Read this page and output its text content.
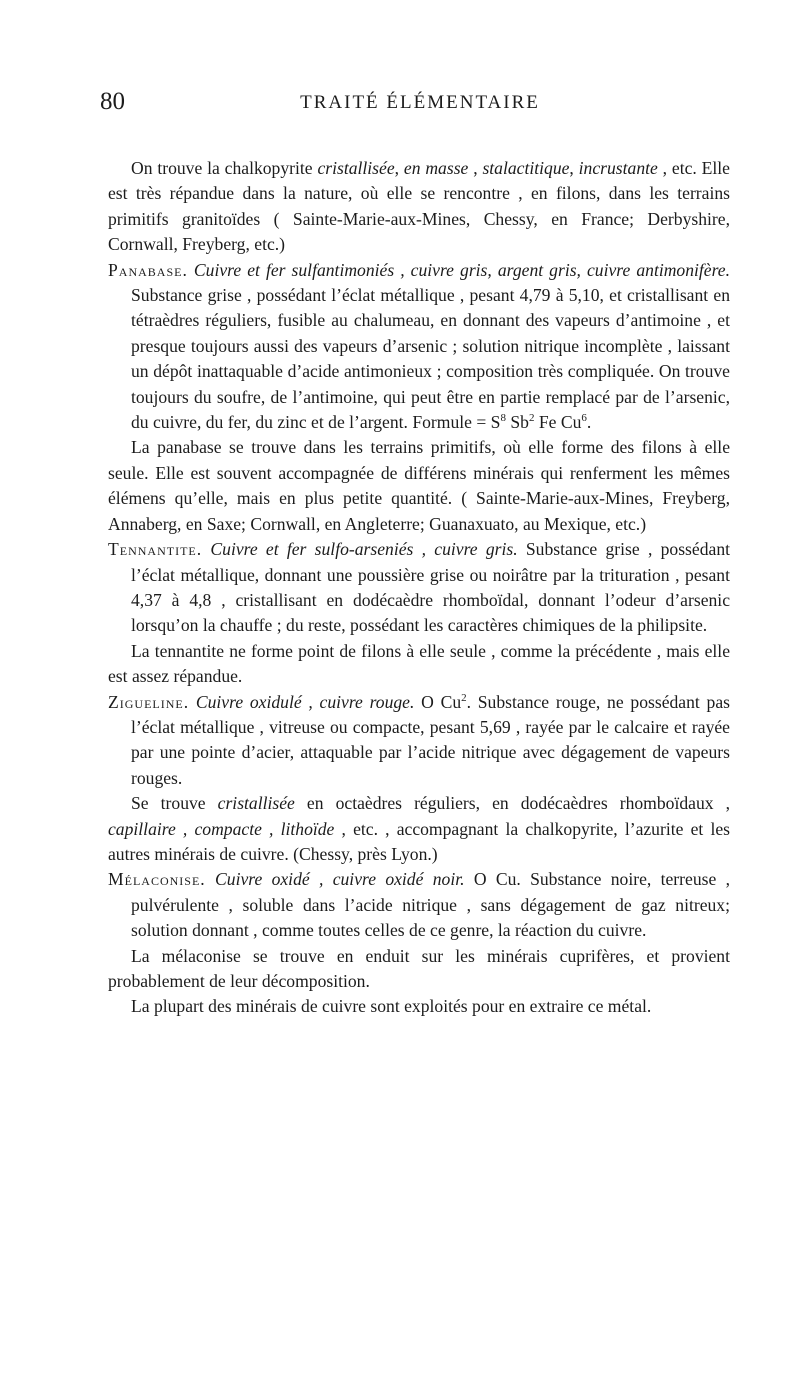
80	TRAITÉ ÉLÉMENTAIRE

On trouve la chalkopyrite cristallisée, en masse , stalactitique, incrustante , etc. Elle est très répandue dans la nature, où elle se rencontre , en filons, dans les terrains primitifs granitoïdes ( Sainte-Marie-aux-Mines, Chessy, en France; Derbyshire, Cornwall, Freyberg, etc.)

Panabase. Cuivre et fer sulfantimoniés , cuivre gris, argent gris, cuivre antimonifère. Substance grise , possédant l’éclat métallique , pesant 4,79 à 5,10, et cristallisant en tétraèdres réguliers, fusible au chalumeau, en donnant des vapeurs d’antimoine , et presque toujours aussi des vapeurs d’arsenic ; solution nitrique incomplète , laissant un dépôt inattaquable d’acide antimonieux ; composition très compliquée. On trouve toujours du soufre, de l’antimoine, qui peut être en partie remplacé par de l’arsenic, du cuivre, du fer, du zinc et de l’argent. Formule = $S^8$ Sb$^2$ Fe Cu$^6$.

La panabase se trouve dans les terrains primitifs, où elle forme des filons à elle seule. Elle est souvent accompagnée de différens minérais qui renferment les mêmes élémens qu’elle, mais en plus petite quantité. ( Sainte-Marie-aux-Mines, Freyberg, Annaberg, en Saxe; Cornwall, en Angleterre; Guanaxuato, au Mexique, etc.)

Tennantite. Cuivre et fer sulfo-arseniés , cuivre gris. Substance grise , possédant l’éclat métallique, donnant une poussière grise ou noirâtre par la trituration , pesant 4,37 à 4,8 , cristallisant en dodécaèdre rhomboïdal, donnant l’odeur d’arsenic lorsqu’on la chauffe ; du reste, possédant les caractères chimiques de la philipsite.

La tennantite ne forme point de filons à elle seule , comme la précédente , mais elle est assez répandue.

Zigueline. Cuivre oxidulé , cuivre rouge. O Cu$^2$. Substance rouge, ne possédant pas l’éclat métallique , vitreuse ou compacte, pesant 5,69 , rayée par le calcaire et rayée par une pointe d’acier, attaquable par l’acide nitrique avec dégagement de vapeurs rouges.

Se trouve cristallisée en octaèdres réguliers, en dodécaèdres rhomboïdaux , capillaire , compacte , lithoïde , etc. , accompagnant la chalkopyrite, l’azurite et les autres minérais de cuivre. (Chessy, près Lyon.)

Mélaconise. Cuivre oxidé , cuivre oxidé noir. O Cu. Substance noire, terreuse , pulvérulente , soluble dans l’acide nitrique , sans dégagement de gaz nitreux; solution donnant , comme toutes celles de ce genre, la réaction du cuivre.

La mélaconise se trouve en enduit sur les minérais cuprifères, et provient probablement de leur décomposition.

La plupart des minérais de cuivre sont exploités pour en extraire ce métal.
